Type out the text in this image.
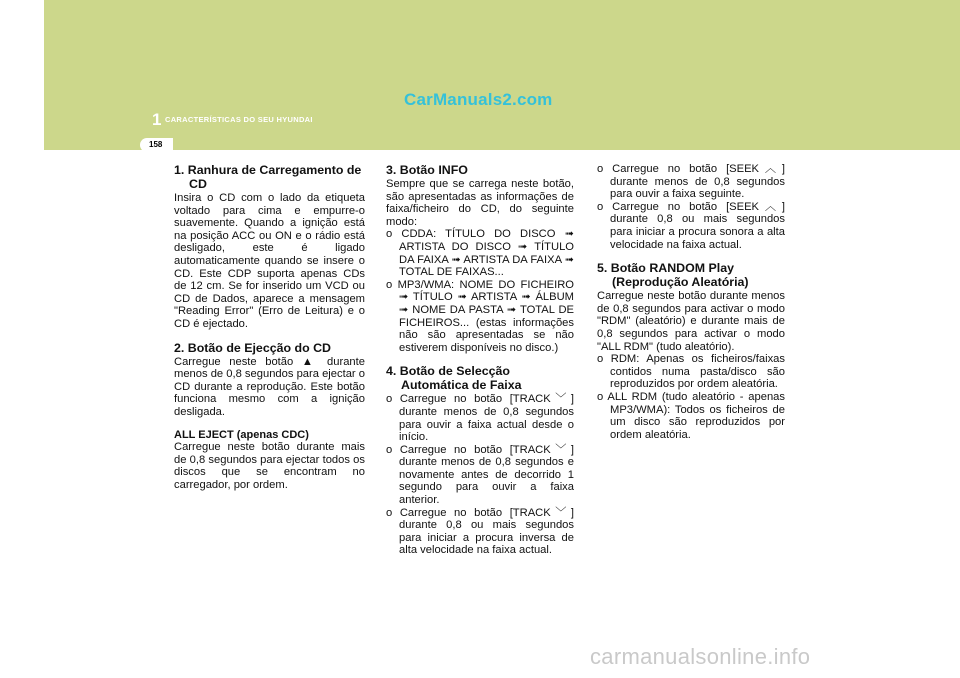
CarManuals2.com
1 CARACTERÍSTICAS DO SEU HYUNDAI
158
1. Ranhura de Carregamento de CD

Insira o CD com o lado da etiqueta voltado para cima e empurre-o suavemente. Quando a ignição está na posição ACC ou ON e o rádio está desligado, este é ligado automaticamente quando se insere o CD. Este CDP suporta apenas CDs de 12 cm. Se for inserido um VCD ou CD de Dados, aparece a mensagem "Reading Error" (Erro de Leitura) e o CD é ejectado.

2. Botão de Ejecção do CD

Carregue neste botão ▲ durante menos de 0,8 segundos para ejectar o CD durante a reprodução. Este botão funciona mesmo com a ignição desligada.

ALL EJECT (apenas CDC)

Carregue neste botão durante mais de 0,8 segundos para ejectar todos os discos que se encontram no carregador, por ordem.

3. Botão INFO

Sempre que se carrega neste botão, são apresentadas as informações de faixa/ficheiro do CD, do seguinte modo:

o CDDA: TÍTULO DO DISCO ➟ ARTISTA DO DISCO ➟ TÍTULO DA FAIXA ➟ ARTISTA DA FAIXA ➟ TOTAL DE FAIXAS...
o MP3/WMA: NOME DO FICHEIRO ➟ TÍTULO ➟ ARTISTA ➟ ÁLBUM ➟ NOME DA PASTA ➟ TOTAL DE FICHEIROS... (estas informações não são apresentadas se não estiverem disponíveis no disco.)
4. Botão de Selecção Automática de Faixa
o Carregue no botão [TRACK﹀] durante menos de 0,8 segundos para ouvir a faixa actual desde o início.
o Carregue no botão [TRACK﹀] durante menos de 0,8 segundos e novamente antes de decorrido 1 segundo para ouvir a faixa anterior.
o Carregue no botão [TRACK﹀] durante 0,8 ou mais segundos para iniciar a procura inversa de alta velocidade na faixa actual.
o Carregue no botão [SEEK︿] durante menos de 0,8 segundos para ouvir a faixa seguinte.
o Carregue no botão [SEEK︿] durante 0,8 ou mais segundos para iniciar a procura sonora a alta velocidade na faixa actual.
5. Botão RANDOM Play (Reprodução Aleatória)

Carregue neste botão durante menos de 0,8 segundos para activar o modo "RDM" (aleatório) e durante mais de 0,8 segundos para activar o modo "ALL RDM" (tudo aleatório).

o RDM: Apenas os ficheiros/faixas contidos numa pasta/disco são reproduzidos por ordem aleatória.
o ALL RDM (tudo aleatório - apenas MP3/WMA): Todos os ficheiros de um disco são reproduzidos por ordem aleatória.
carmanualsonline.info
